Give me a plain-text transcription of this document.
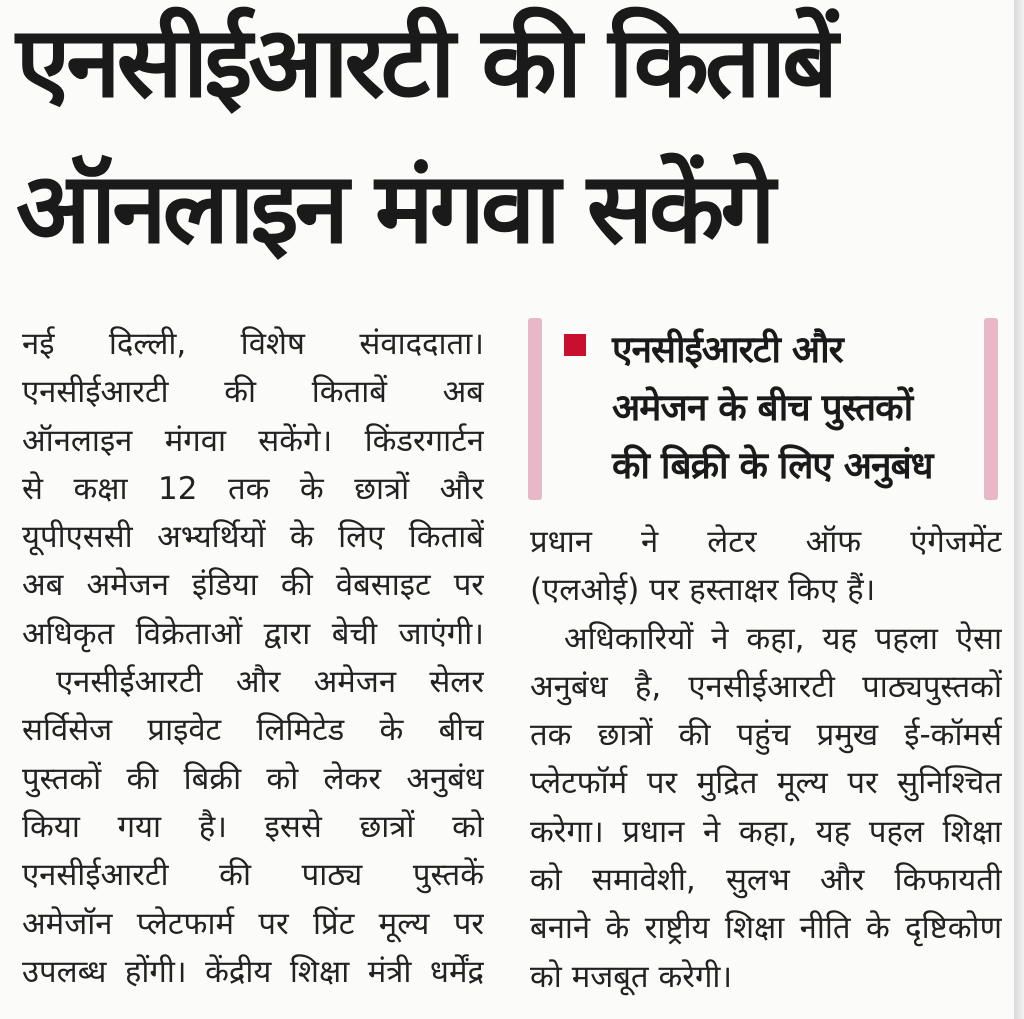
एनसीईआरटी की किताबें
ऑनलाइन मंगवा सकेंगे
नई दिल्ली, विशेष संवाददाता।
एनसीईआरटी की किताबें अब
ऑनलाइन मंगवा सकेंगे। किंडरगार्टन
से कक्षा 12 तक के छात्रों और
यूपीएससी अभ्यर्थियों के लिए किताबें
अब अमेजन इंडिया की वेबसाइट पर
अधिकृत विक्रेताओं द्वारा बेची जाएंगी।
एनसीईआरटी और अमेजन सेलर
सर्विसेज प्राइवेट लिमिटेड के बीच
पुस्तकों की बिक्री को लेकर अनुबंध
किया गया है। इससे छात्रों को
एनसीईआरटी की पाठ्य पुस्तकें
अमेजॉन प्लेटफार्म पर प्रिंट मूल्य पर
उपलब्ध होंगी। केंद्रीय शिक्षा मंत्री धर्मेंद्र
एनसीईआरटी और
अमेजन के बीच पुस्तकों
की बिक्री के लिए अनुबंध
प्रधान ने लेटर ऑफ एंगेजमेंट
(एलओई) पर हस्ताक्षर किए हैं।
अधिकारियों ने कहा, यह पहला ऐसा
अनुबंध है, एनसीईआरटी पाठ्यपुस्तकों
तक छात्रों की पहुंच प्रमुख ई-कॉमर्स
प्लेटफॉर्म पर मुद्रित मूल्य पर सुनिश्चित
करेगा। प्रधान ने कहा, यह पहल शिक्षा
को समावेशी, सुलभ और किफायती
बनाने के राष्ट्रीय शिक्षा नीति के दृष्टिकोण
को मजबूत करेगी।
